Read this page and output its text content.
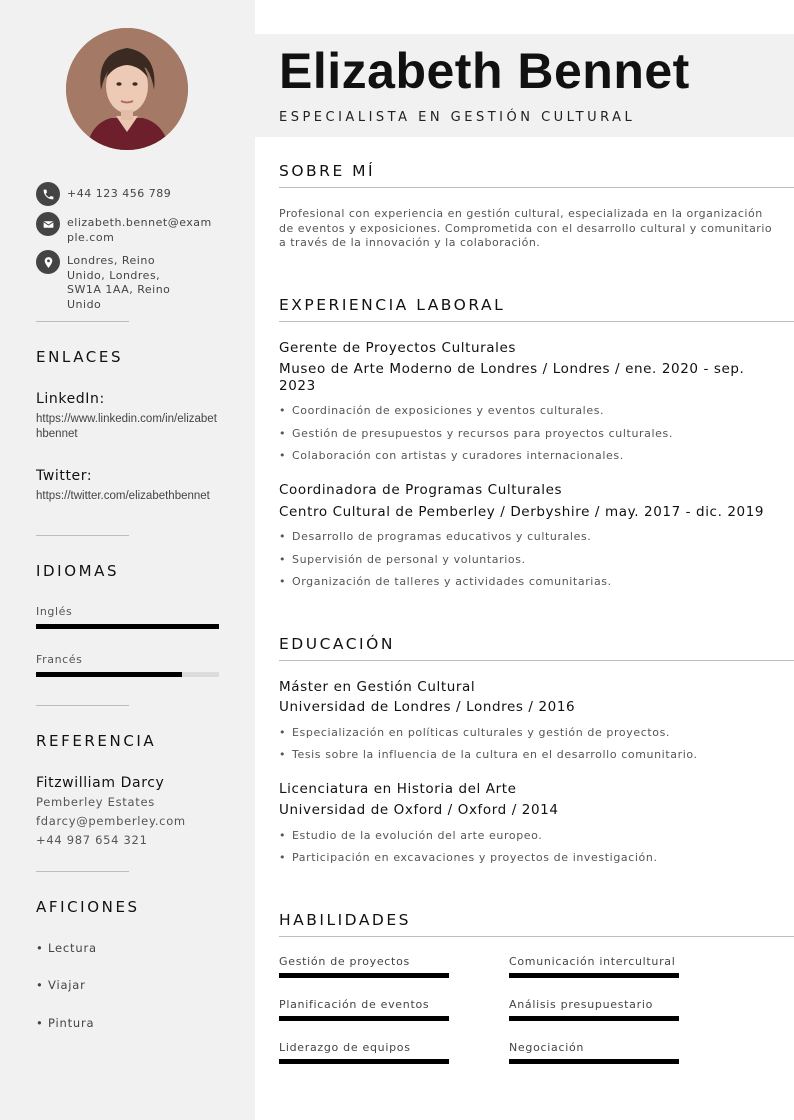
+44 123 456 789
elizabeth.bennet@example.com
Londres, Reino Unido, Londres, SW1A 1AA, Reino Unido
ENLACES
LinkedIn:
https://www.linkedin.com/in/elizabethbennet
Twitter:
https://twitter.com/elizabethbennet
IDIOMAS
Inglés
Francés
REFERENCIA
Fitzwilliam Darcy
Pemberley Estates
fdarcy@pemberley.com
+44 987 654 321
AFICIONES
• Lectura
• Viajar
• Pintura
Elizabeth Bennet
ESPECIALISTA EN GESTIÓN CULTURAL
SOBRE MÍ
Profesional con experiencia en gestión cultural, especializada en la organización de eventos y exposiciones. Comprometida con el desarrollo cultural y comunitario a través de la innovación y la colaboración.
EXPERIENCIA LABORAL
Gerente de Proyectos Culturales
Museo de Arte Moderno de Londres / Londres / ene. 2020 - sep. 2023
• Coordinación de exposiciones y eventos culturales.
• Gestión de presupuestos y recursos para proyectos culturales.
• Colaboración con artistas y curadores internacionales.
Coordinadora de Programas Culturales
Centro Cultural de Pemberley / Derbyshire / may. 2017 - dic. 2019
• Desarrollo de programas educativos y culturales.
• Supervisión de personal y voluntarios.
• Organización de talleres y actividades comunitarias.
EDUCACIÓN
Máster en Gestión Cultural
Universidad de Londres / Londres / 2016
• Especialización en políticas culturales y gestión de proyectos.
• Tesis sobre la influencia de la cultura en el desarrollo comunitario.
Licenciatura en Historia del Arte
Universidad de Oxford / Oxford / 2014
• Estudio de la evolución del arte europeo.
• Participación en excavaciones y proyectos de investigación.
HABILIDADES
Gestión de proyectos	Comunicación intercultural
Planificación de eventos	Análisis presupuestario
Liderazgo de equipos	Negociación
